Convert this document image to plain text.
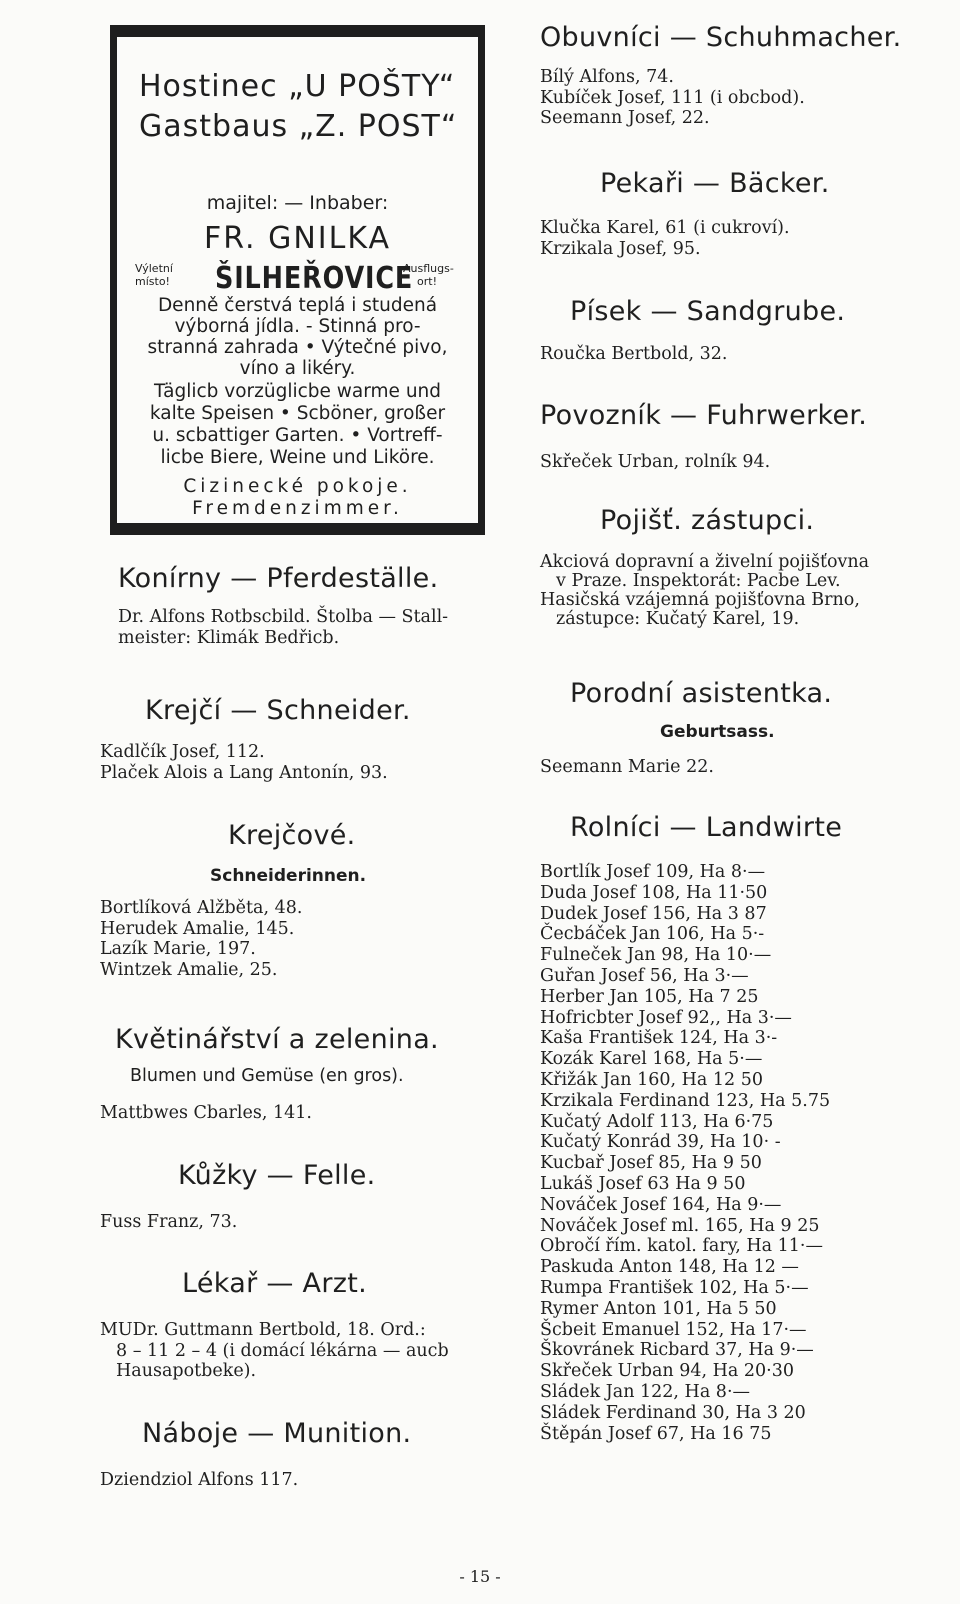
Hostinec „U POŠTY“
Gastbaus „Z. POST“
majitel: — Inbaber:
FR. GNILKA
Výletní
místo! ŠILHEŘOVICE
Ausflugs-
ort!
Denně čerstvá teplá i studená
výborná jídla. - Stinná pro-
stranná zahrada • Výtečné pivo,
víno a likéry.
Täglicb vorzüglicbe warme und
kalte Speisen • Scböner, großer
u. scbattiger Garten. • Vortreff-
licbe Biere, Weine und Liköre.
Cizinecké pokoje.
Fremdenzimmer.
Konírny — Pferdeställe.
Dr. Alfons Rotbscbild. Štolba — Stall-
meister: Klimák Bedřicb.
Krejčí — Schneider.
Kadlčík Josef, 112.
Plaček Alois a Lang Antonín, 93.
Krejčové.
Schneiderinnen.
Bortlíková Alžběta, 48.
Herudek Amalie, 145.
Lazík Marie, 197.
Wintzek Amalie, 25.
Květinářství a zelenina.
Blumen und Gemüse (en gros).
Mattbwes Cbarles, 141.
Kůžky — Felle.
Fuss Franz, 73.
Lékař — Arzt.
MUDr. Guttmann Bertbold, 18. Ord.:
8 – 11 2 – 4 (i domácí lékárna — aucb
Hausapotbeke).
Náboje — Munition.
Dziendziol Alfons 117.
Obuvníci — Schuhmacher.
Bílý Alfons, 74.
Kubíček Josef, 111 (i obcbod).
Seemann Josef, 22.
Pekaři — Bäcker.
Klučka Karel, 61 (i cukroví).
Krzikala Josef, 95.
Písek — Sandgrube.
Roučka Bertbold, 32.
Povozník — Fuhrwerker.
Skřeček Urban, rolník 94.
Pojišť. zástupci.
Akciová dopravní a živelní pojišťovna
v Praze. Inspektorát: Pacbe Lev.
Hasičská vzájemná pojišťovna Brno,
zástupce: Kučatý Karel, 19.
Porodní asistentka.
Geburtsass.
Seemann Marie 22.
Rolníci — Landwirte
Bortlík Josef 109, Ha 8·—
Duda Josef 108, Ha 11·50
Dudek Josef 156, Ha 3 87
Čecbáček Jan 106, Ha 5·-
Fulneček Jan 98, Ha 10·—
Guřan Josef 56, Ha 3·—
Herber Jan 105, Ha 7 25
Hofricbter Josef 92,, Ha 3·—
Kaša František 124, Ha 3·-
Kozák Karel 168, Ha 5·—
Křižák Jan 160, Ha 12 50
Krzikala Ferdinand 123, Ha 5.75
Kučatý Adolf 113, Ha 6·75
Kučatý Konrád 39, Ha 10· -
Kucbař Josef 85, Ha 9 50
Lukáš Josef 63 Ha 9 50
Nováček Josef 164, Ha 9·—
Nováček Josef ml. 165, Ha 9 25
Obročí řím. katol. fary, Ha 11·—
Paskuda Anton 148, Ha 12 —
Rumpa František 102, Ha 5·—
Rymer Anton 101, Ha 5 50
Šcbeit Emanuel 152, Ha 17·—
Škovránek Ricbard 37, Ha 9·—
Skřeček Urban 94, Ha 20·30
Sládek Jan 122, Ha 8·—
Sládek Ferdinand 30, Ha 3 20
Štěpán Josef 67, Ha 16 75
- 15 -
